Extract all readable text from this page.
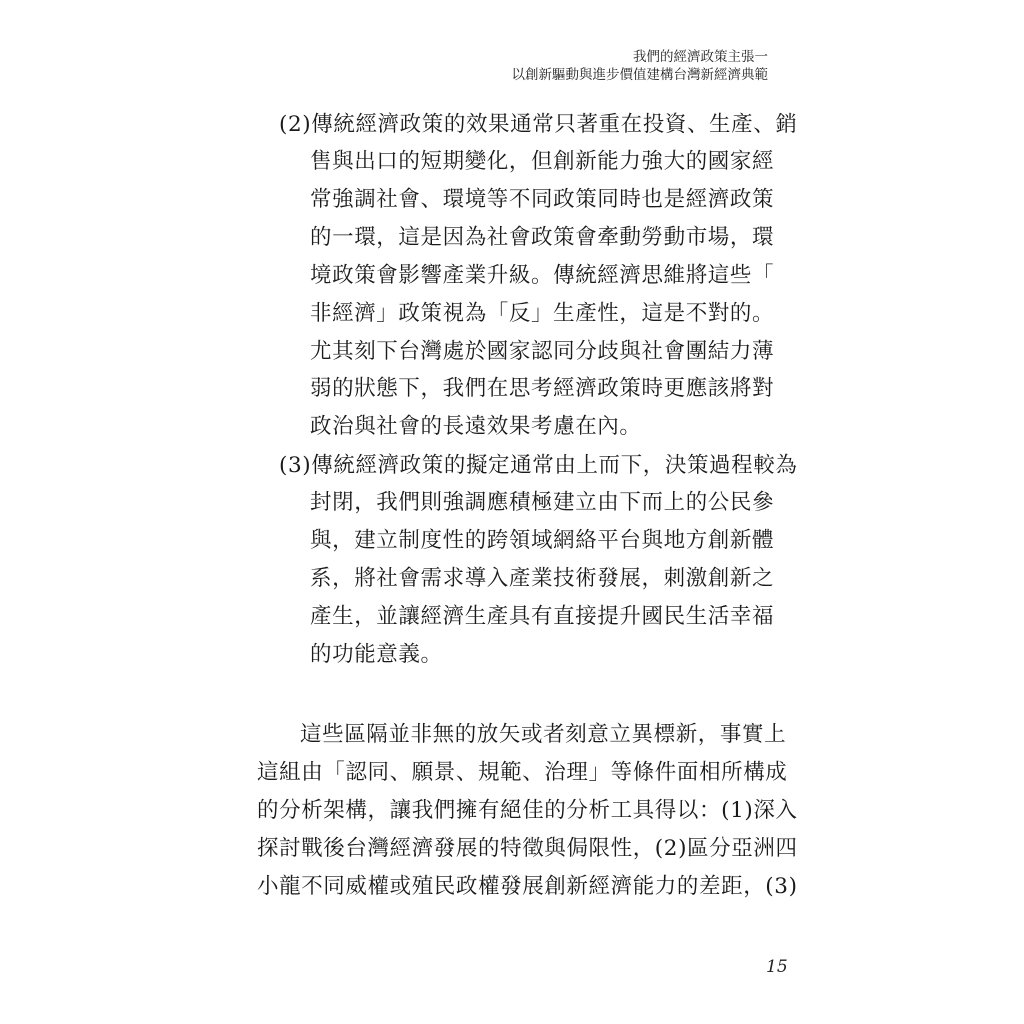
我們的經濟政策主張一
以創新驅動與進步價值建構台灣新經濟典範
(2)傳統經濟政策的效果通常只著重在投資、生產、銷
售與出口的短期變化，但創新能力強大的國家經
常強調社會、環境等不同政策同時也是經濟政策
的一環，這是因為社會政策會牽動勞動市場，環
境政策會影響產業升級。傳統經濟思維將這些「
非經濟」政策視為「反」生產性，這是不對的。
尤其刻下台灣處於國家認同分歧與社會團結力薄
弱的狀態下，我們在思考經濟政策時更應該將對
政治與社會的長遠效果考慮在內。
(3)傳統經濟政策的擬定通常由上而下，決策過程較為
封閉，我們則強調應積極建立由下而上的公民參
與，建立制度性的跨領域網絡平台與地方創新體
系，將社會需求導入產業技術發展，刺激創新之
產生，並讓經濟生產具有直接提升國民生活幸福
的功能意義。
這些區隔並非無的放矢或者刻意立異標新，事實上
這組由「認同、願景、規範、治理」等條件面相所構成
的分析架構，讓我們擁有絕佳的分析工具得以：(1)深入
探討戰後台灣經濟發展的特徵與侷限性，(2)區分亞洲四
小龍不同威權或殖民政權發展創新經濟能力的差距，(3)
15
